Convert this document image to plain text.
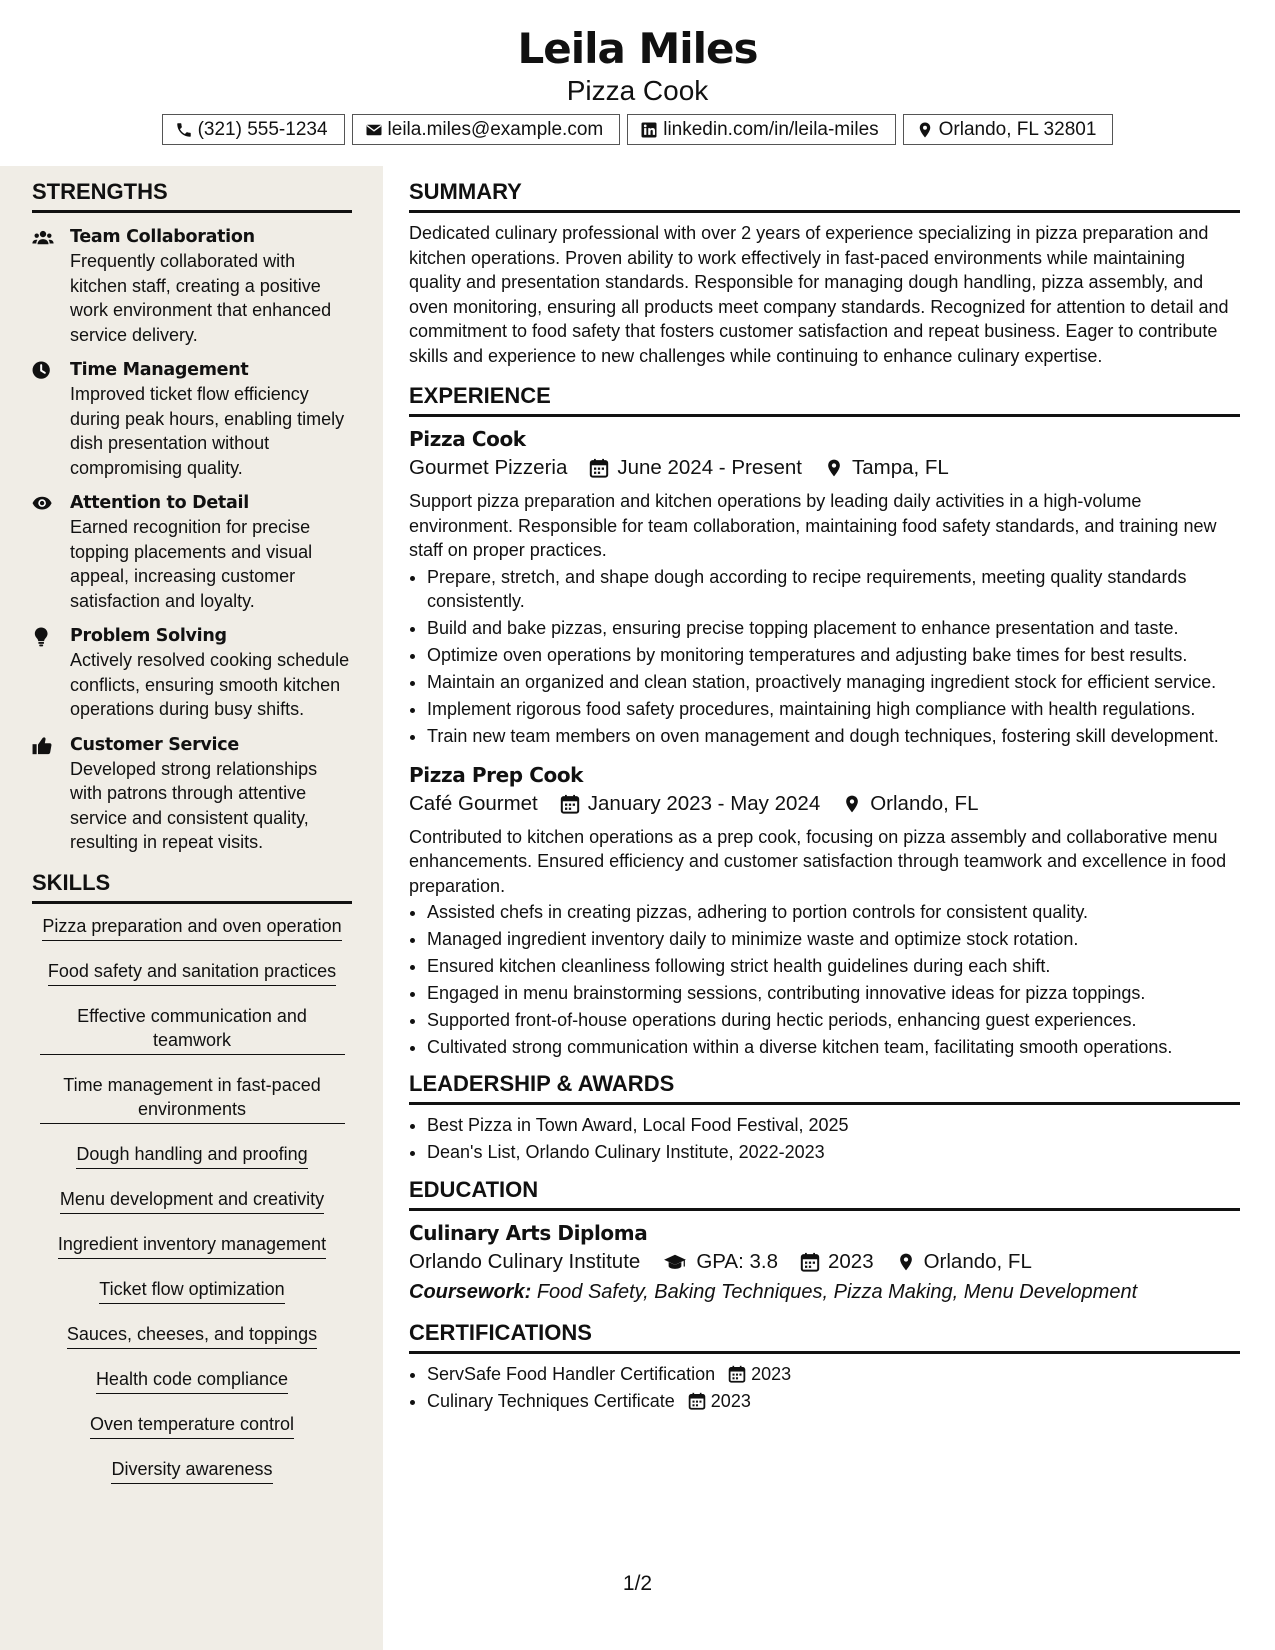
Leila Miles
Pizza Cook
(321) 555-1234	leila.miles@example.com	linkedin.com/in/leila-miles	Orlando, FL 32801
STRENGTHS
Team Collaboration
Frequently collaborated with kitchen staff, creating a positive work environment that enhanced service delivery.
Time Management
Improved ticket flow efficiency during peak hours, enabling timely dish presentation without compromising quality.
Attention to Detail
Earned recognition for precise topping placements and visual appeal, increasing customer satisfaction and loyalty.
Problem Solving
Actively resolved cooking schedule conflicts, ensuring smooth kitchen operations during busy shifts.
Customer Service
Developed strong relationships with patrons through attentive service and consistent quality, resulting in repeat visits.
SKILLS
Pizza preparation and oven operation
Food safety and sanitation practices
Effective communication and teamwork
Time management in fast-paced environments
Dough handling and proofing
Menu development and creativity
Ingredient inventory management
Ticket flow optimization
Sauces, cheeses, and toppings
Health code compliance
Oven temperature control
Diversity awareness
SUMMARY
Dedicated culinary professional with over 2 years of experience specializing in pizza preparation and kitchen operations. Proven ability to work effectively in fast-paced environments while maintaining quality and presentation standards. Responsible for managing dough handling, pizza assembly, and oven monitoring, ensuring all products meet company standards. Recognized for attention to detail and commitment to food safety that fosters customer satisfaction and repeat business. Eager to contribute skills and experience to new challenges while continuing to enhance culinary expertise.
EXPERIENCE
Pizza Cook
Gourmet Pizzeria June 2024 - Present Tampa, FL
Support pizza preparation and kitchen operations by leading daily activities in a high-volume environment. Responsible for team collaboration, maintaining food safety standards, and training new staff on proper practices.
• Prepare, stretch, and shape dough according to recipe requirements, meeting quality standards consistently.
• Build and bake pizzas, ensuring precise topping placement to enhance presentation and taste.
• Optimize oven operations by monitoring temperatures and adjusting bake times for best results.
• Maintain an organized and clean station, proactively managing ingredient stock for efficient service.
• Implement rigorous food safety procedures, maintaining high compliance with health regulations.
• Train new team members on oven management and dough techniques, fostering skill development.
Pizza Prep Cook
Café Gourmet January 2023 - May 2024 Orlando, FL
Contributed to kitchen operations as a prep cook, focusing on pizza assembly and collaborative menu enhancements. Ensured efficiency and customer satisfaction through teamwork and excellence in food preparation.
• Assisted chefs in creating pizzas, adhering to portion controls for consistent quality.
• Managed ingredient inventory daily to minimize waste and optimize stock rotation.
• Ensured kitchen cleanliness following strict health guidelines during each shift.
• Engaged in menu brainstorming sessions, contributing innovative ideas for pizza toppings.
• Supported front-of-house operations during hectic periods, enhancing guest experiences.
• Cultivated strong communication within a diverse kitchen team, facilitating smooth operations.
LEADERSHIP & AWARDS
• Best Pizza in Town Award, Local Food Festival, 2025
• Dean's List, Orlando Culinary Institute, 2022-2023
EDUCATION
Culinary Arts Diploma
Orlando Culinary Institute	GPA: 3.8 2023 Orlando, FL
Coursework: Food Safety, Baking Techniques, Pizza Making, Menu Development
CERTIFICATIONS
• ServSafe Food Handler Certification 2023
• Culinary Techniques Certificate 2023
1/2
